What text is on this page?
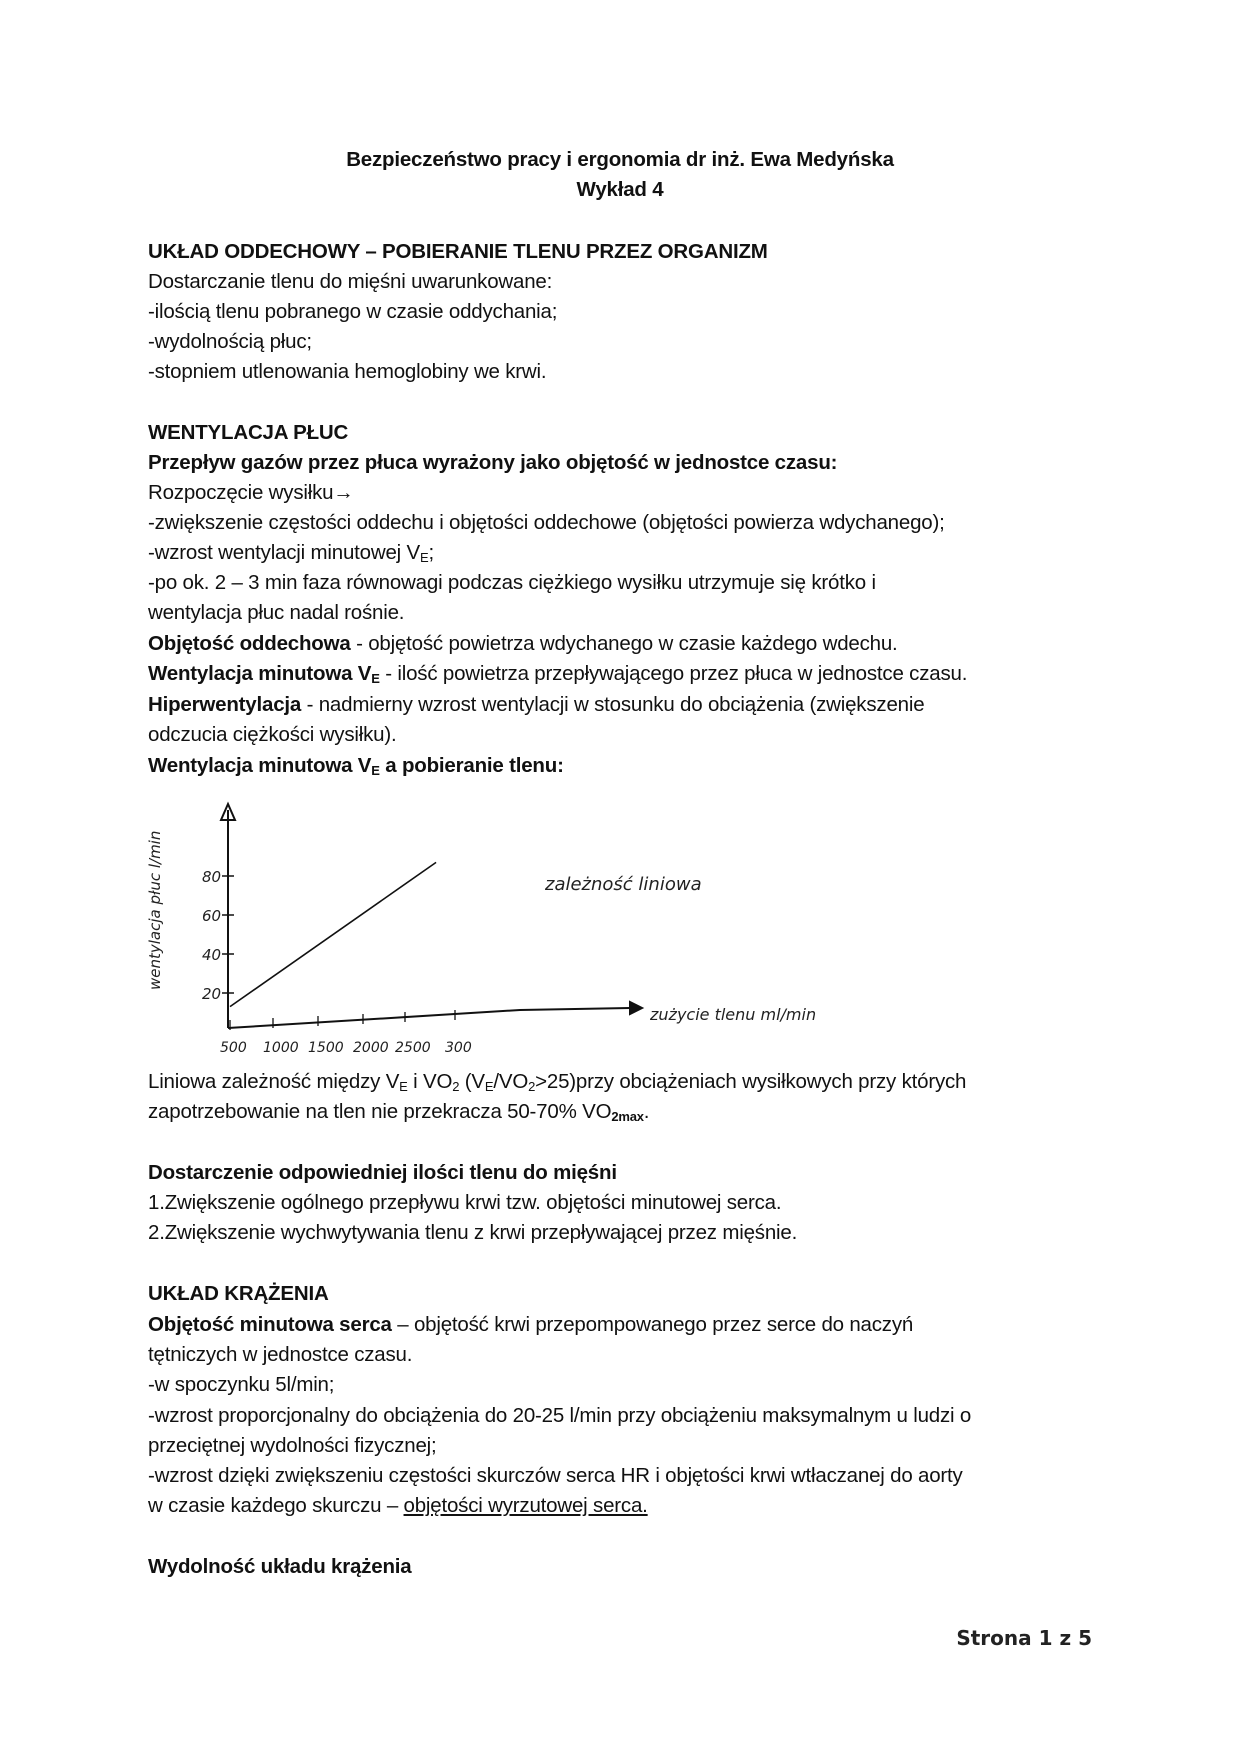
Bezpieczeństwo pracy i ergonomia dr inż. Ewa Medyńska
Wykład 4
UKŁAD ODDECHOWY – POBIERANIE TLENU PRZEZ ORGANIZM
Dostarczanie tlenu do mięśni uwarunkowane:
-ilością tlenu pobranego w czasie oddychania;
-wydolnością płuc;
-stopniem utlenowania hemoglobiny we krwi.
WENTYLACJA PŁUC
Przepływ gazów przez płuca wyrażony jako objętość w jednostce czasu:
Rozpoczęcie wysiłku→
-zwiększenie częstości oddechu i objętości oddechowe (objętości powierza wdychanego);
-wzrost wentylacji minutowej $V_E$;
-po ok. 2 – 3 min faza równowagi podczas ciężkiego wysiłku utrzymuje się krótko i
wentylacja płuc nadal rośnie.
Objętość oddechowa - objętość powietrza wdychanego w czasie każdego wdechu.
Wentylacja minutowa $V_E$ - ilość powietrza przepływającego przez płuca w jednostce czasu.
Hiperwentylacja - nadmierny wzrost wentylacji w stosunku do obciążenia (zwiększenie
odczucia ciężkości wysiłku).
Wentylacja minutowa $V_E$ a pobieranie tlenu:
20
40
60
80
500 1000 1500 2000 2500 300
wentylacja płuc l/min	zależność liniowa
zużycie tlenu ml/min
Liniowa zależność między $V_E$ i $VO_2$ $(V_E/VO_2>25)przy$ obciążeniach wysiłkowych przy których
zapotrzebowanie na tlen nie przekracza 50-70% $VO_{2max}$.
Dostarczenie odpowiedniej ilości tlenu do mięśni
1.Zwiększenie ogólnego przepływu krwi tzw. objętości minutowej serca.
2.Zwiększenie wychwytywania tlenu z krwi przepływającej przez mięśnie.
UKŁAD KRĄŻENIA
Objętość minutowa serca – objętość krwi przepompowanego przez serce do naczyń
tętniczych w jednostce czasu.
-w spoczynku 5l/min;
-wzrost proporcjonalny do obciążenia do 20-25 l/min przy obciążeniu maksymalnym u ludzi o
przeciętnej wydolności fizycznej;
-wzrost dzięki zwiększeniu częstości skurczów serca HR i objętości krwi wtłaczanej do aorty
w czasie każdego skurczu – objętości wyrzutowej serca.
Wydolność układu krążenia
Strona 1 z 5
